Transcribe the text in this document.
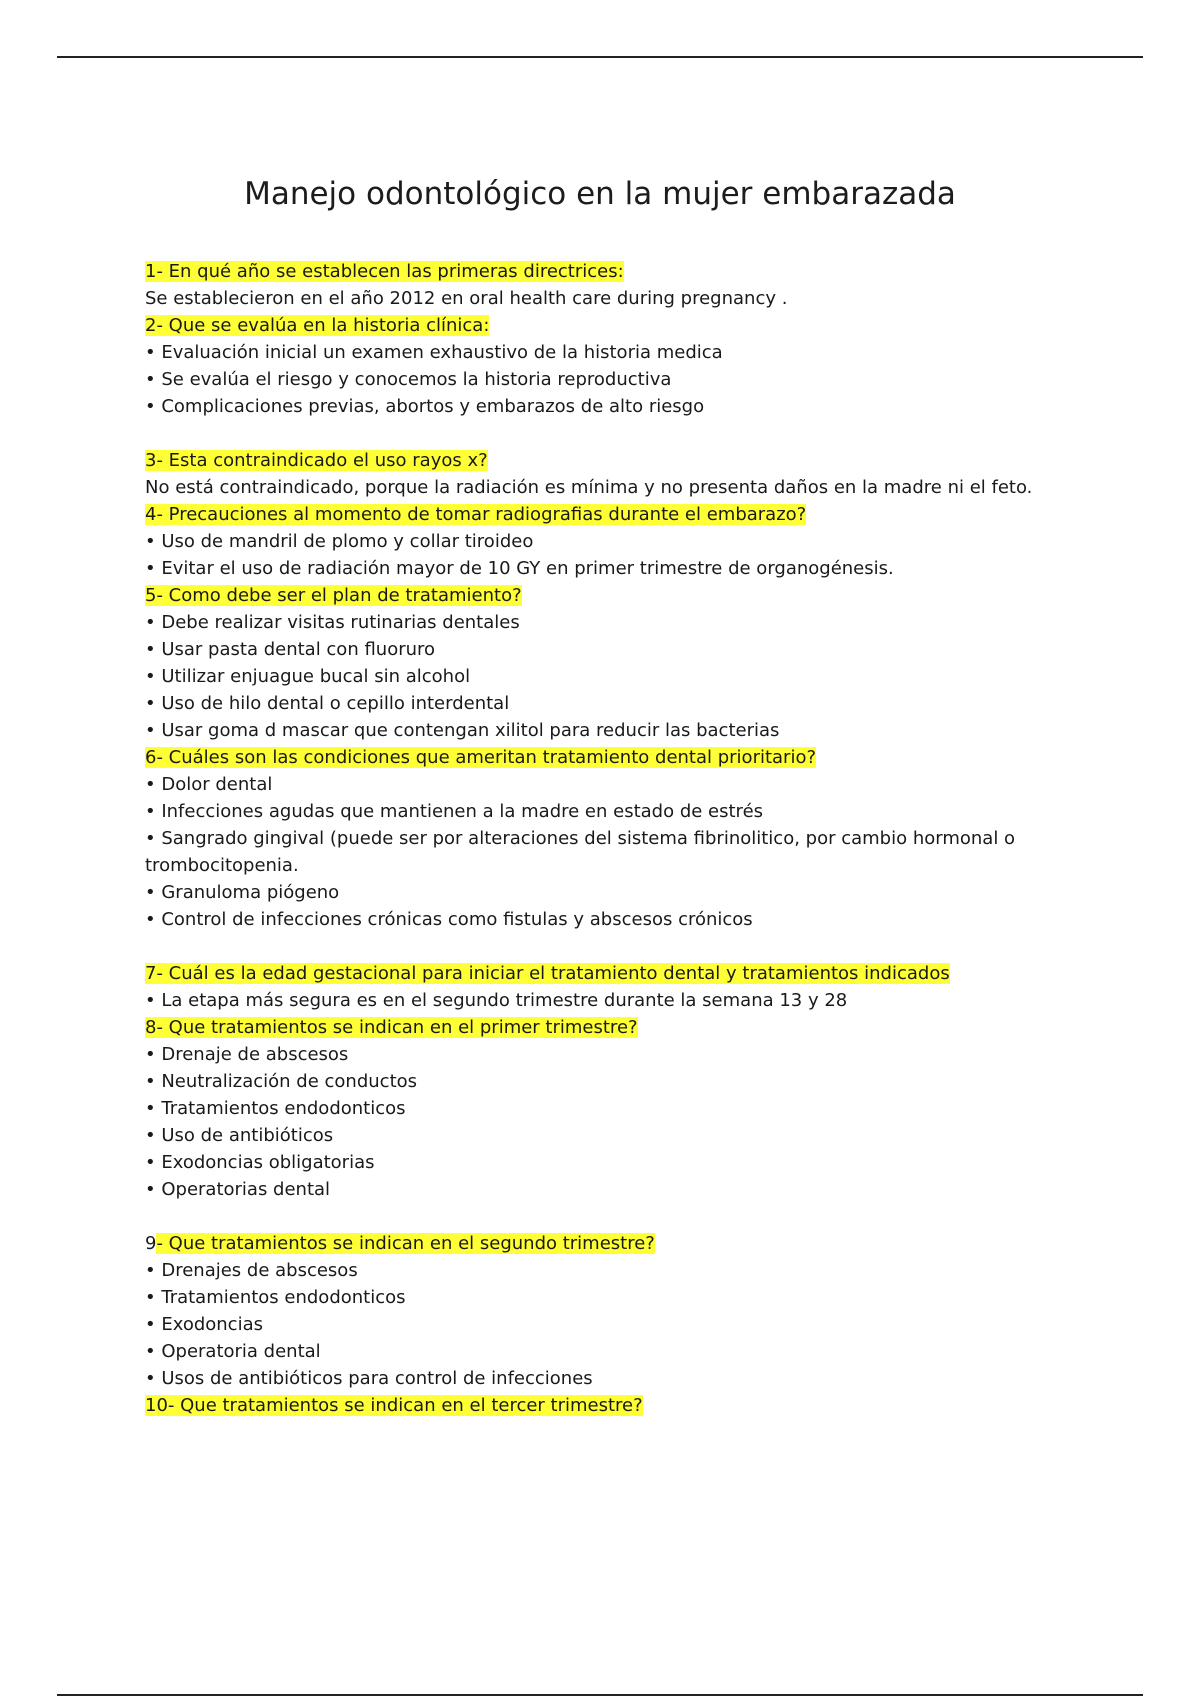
Manejo odontológico en la mujer embarazada
1- En qué año se establecen las primeras directrices:
Se establecieron en el año 2012 en oral health care during pregnancy .
2- Que se evalúa en la historia clínica:
• Evaluación inicial un examen exhaustivo de la historia medica
• Se evalúa el riesgo y conocemos la historia reproductiva
• Complicaciones previas, abortos y embarazos de alto riesgo
3- Esta contraindicado el uso rayos x?
No está contraindicado, porque la radiación es mínima y no presenta daños en la madre ni el feto.
4- Precauciones al momento de tomar radiografias durante el embarazo?
• Uso de mandril de plomo y collar tiroideo
• Evitar el uso de radiación mayor de 10 GY en primer trimestre de organogénesis.
5- Como debe ser el plan de tratamiento?
• Debe realizar visitas rutinarias dentales
• Usar pasta dental con fluoruro
• Utilizar enjuague bucal sin alcohol
• Uso de hilo dental o cepillo interdental
• Usar goma d mascar que contengan xilitol para reducir las bacterias
6- Cuáles son las condiciones que ameritan tratamiento dental prioritario?
• Dolor dental
• Infecciones agudas que mantienen a la madre en estado de estrés
• Sangrado gingival (puede ser por alteraciones del sistema fibrinolitico, por cambio hormonal o trombocitopenia.
• Granuloma piógeno
• Control de infecciones crónicas como fistulas y abscesos crónicos
7- Cuál es la edad gestacional para iniciar el tratamiento dental y tratamientos indicados
• La etapa más segura es en el segundo trimestre durante la semana 13 y 28
8- Que tratamientos se indican en el primer trimestre?
• Drenaje de abscesos
• Neutralización de conductos
• Tratamientos endodonticos
• Uso de antibióticos
• Exodoncias obligatorias
• Operatorias dental
9- Que tratamientos se indican en el segundo trimestre?
• Drenajes de abscesos
• Tratamientos endodonticos
• Exodoncias
• Operatoria dental
• Usos de antibióticos para control de infecciones
10- Que tratamientos se indican en el tercer trimestre?
